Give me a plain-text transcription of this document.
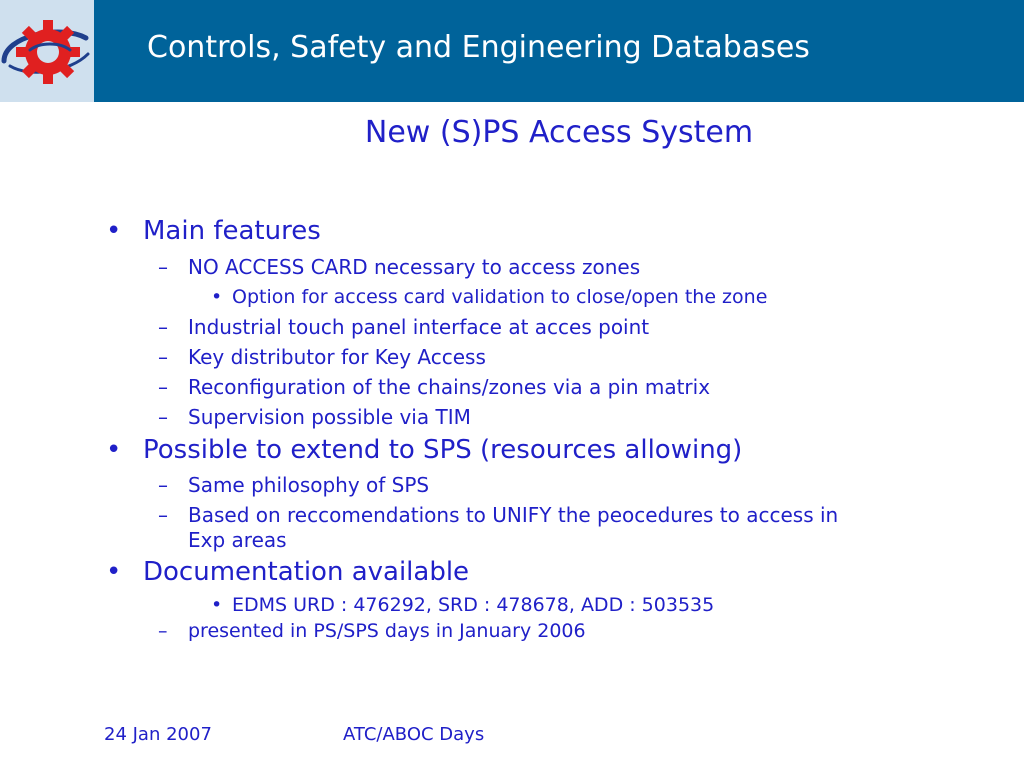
Controls, Safety and Engineering Databases
New (S)PS Access System
• Main features
– NO ACCESS CARD necessary to access zones
• Option for access card validation to close/open the zone
– Industrial touch panel interface at acces point
– Key distributor for Key Access
– Reconfiguration of the chains/zones via a pin matrix
– Supervision possible via TIM
• Possible to extend to SPS (resources allowing)
– Same philosophy of SPS
– Based on reccomendations to UNIFY the peocedures to access in
Exp areas
• Documentation available
• EDMS URD : 476292, SRD : 478678, ADD : 503535
– presented in PS/SPS days in January 2006
24 Jan 2007	ATC/ABOC Days
